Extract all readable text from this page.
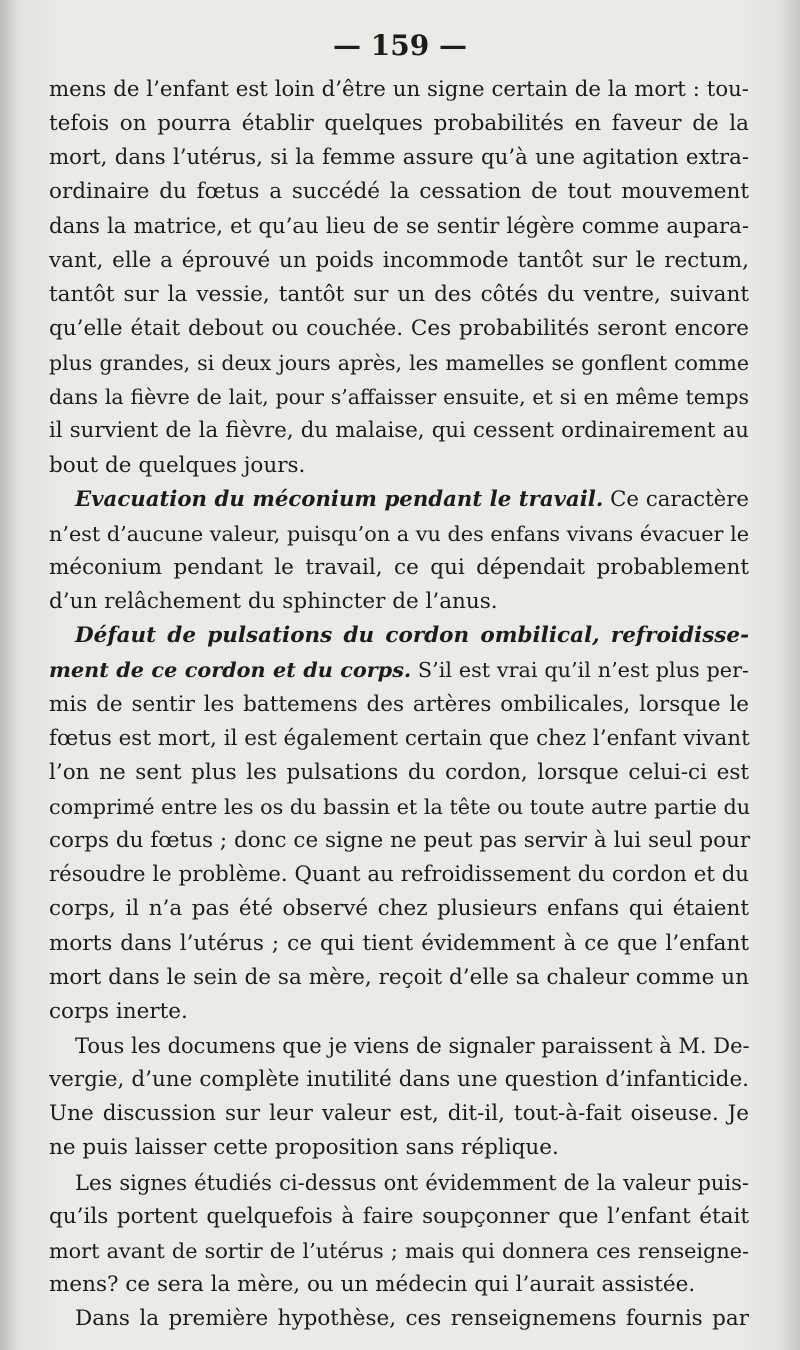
— 159 —
mens de l’enfant est loin d’être un signe certain de la mort : tou-
tefois on pourra établir quelques probabilités en faveur de la
mort, dans l’utérus, si la femme assure qu’à une agitation extra-
ordinaire du fœtus a succédé la cessation de tout mouvement
dans la matrice, et qu’au lieu de se sentir légère comme aupara-
vant, elle a éprouvé un poids incommode tantôt sur le rectum,
tantôt sur la vessie, tantôt sur un des côtés du ventre, suivant
qu’elle était debout ou couchée. Ces probabilités seront encore
plus grandes, si deux jours après, les mamelles se gonflent comme
dans la fièvre de lait, pour s’affaisser ensuite, et si en même temps
il survient de la fièvre, du malaise, qui cessent ordinairement au
bout de quelques jours.
Evacuation du méconium pendant le travail. Ce caractère
n’est d’aucune valeur, puisqu’on a vu des enfans vivans évacuer le
méconium pendant le travail, ce qui dépendait probablement
d’un relâchement du sphincter de l’anus.
Défaut de pulsations du cordon ombilical, refroidisse-
ment de ce cordon et du corps. S’il est vrai qu’il n’est plus per-
mis de sentir les battemens des artères ombilicales, lorsque le
fœtus est mort, il est également certain que chez l’enfant vivant
l’on ne sent plus les pulsations du cordon, lorsque celui-ci est
comprimé entre les os du bassin et la tête ou toute autre partie du
corps du fœtus ; donc ce signe ne peut pas servir à lui seul pour
résoudre le problème. Quant au refroidissement du cordon et du
corps, il n’a pas été observé chez plusieurs enfans qui étaient
morts dans l’utérus ; ce qui tient évidemment à ce que l’enfant
mort dans le sein de sa mère, reçoit d’elle sa chaleur comme un
corps inerte.
Tous les documens que je viens de signaler paraissent à M. De-
vergie, d’une complète inutilité dans une question d’infanticide.
Une discussion sur leur valeur est, dit-il, tout-à-fait oiseuse. Je
ne puis laisser cette proposition sans réplique.
Les signes étudiés ci-dessus ont évidemment de la valeur puis-
qu’ils portent quelquefois à faire soupçonner que l’enfant était
mort avant de sortir de l’utérus ; mais qui donnera ces renseigne-
mens? ce sera la mère, ou un médecin qui l’aurait assistée.
Dans la première hypothèse, ces renseignemens fournis par
